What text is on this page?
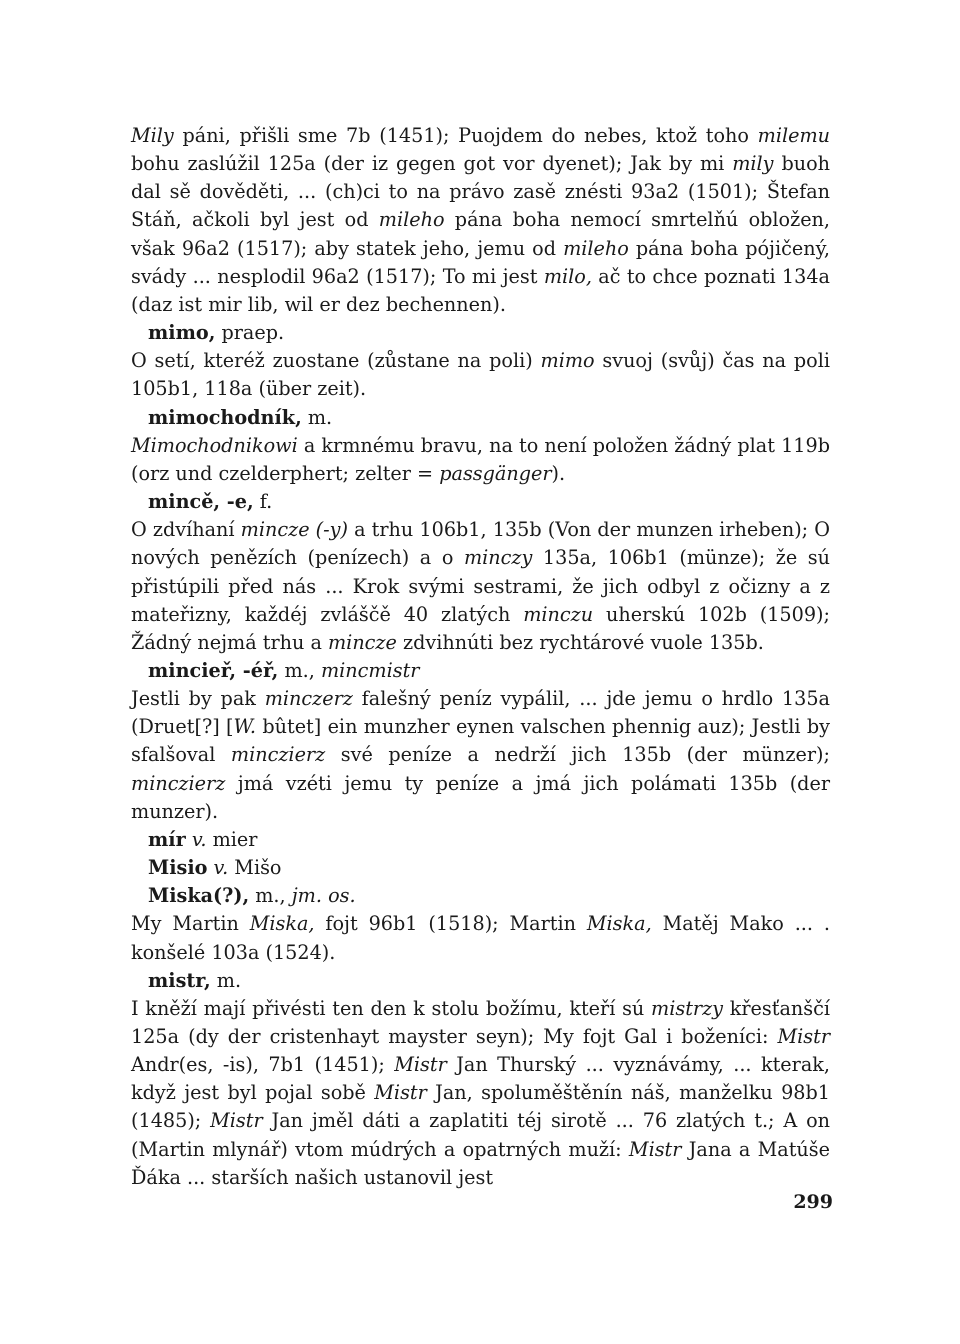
Mily páni, přišli sme 7b (1451); Puojdem do nebes, ktož toho milemu bohu zaslúžil 125a (der iz gegen got vor dyenet); Jak by mi mily buoh dal sě dověděti, ... (ch)ci to na právo zasě znésti 93a2 (1501); Štefan Stáň, ačkoli byl jest od mileho pána boha nemocí smrtelňú obložen, však 96a2 (1517); aby statek jeho, jemu od mileho pána boha pójičený, svády ... nesplodil 96a2 (1517); To mi jest milo, ač to chce poznati 134a (daz ist mir lib, wil er dez bechennen).

mimo, praep.

O setí, kteréž zuostane (zůstane na poli) mimo svuoj (svůj) čas na poli 105b1, 118a (über zeit).

mimochodník, m.

Mimochodnikowi a krmnému bravu, na to není položen žádný plat 119b (orz und czelderphert; zelter = passgänger).

mincě, -e, f.

O zdvíhaní mincze (-y) a trhu 106b1, 135b (Von der munzen irheben); O nových penězích (penízech) a o minczy 135a, 106b1 (münze); že sú přistúpili před nás ... Krok svými sestrami, že jich odbyl z očizny a z mateřizny, každéj zvláščě 40 zlatých minczu uherskú 102b (1509); Žádný nejmá trhu a mincze zdvihnúti bez rychtárové vuole 135b.

mincieř, -éř, m., mincmistr

Jestli by pak minczerz falešný peníz vypálil, ... jde jemu o hrdlo 135a (Druet[?] [W. bûtet] ein munzher eynen valschen phennig auz); Jestli by sfalšoval minczierz své peníze a nedrží jich 135b (der münzer); minczierz jmá vzéti jemu ty peníze a jmá jich polámati 135b (der munzer).

mír v. mier
Misio v. Mišo
Miska(?), m., jm. os.

My Martin Miska, fojt 96b1 (1518); Martin Miska, Matěj Mako ... . konšelé 103a (1524).

mistr, m.

I kněží mají přivésti ten den k stolu božímu, kteří sú mistrzy křesťanščí 125a (dy der cristenhayt mayster seyn); My fojt Gal i boženíci: Mistr Andr(es, -is), 7b1 (1451); Mistr Jan Thurský ... vyznávámy, ... kterak, když jest byl pojal sobě Mistr Jan, spoluměštěnín náš, manželku 98b1 (1485); Mistr Jan jměl dáti a zaplatiti téj sirotě ... 76 zlatých t.; A on (Martin mlynář) vtom múdrých a opatrných muží: Mistr Jana a Matúše Ďáka ... starších našich ustanovil jest

299
